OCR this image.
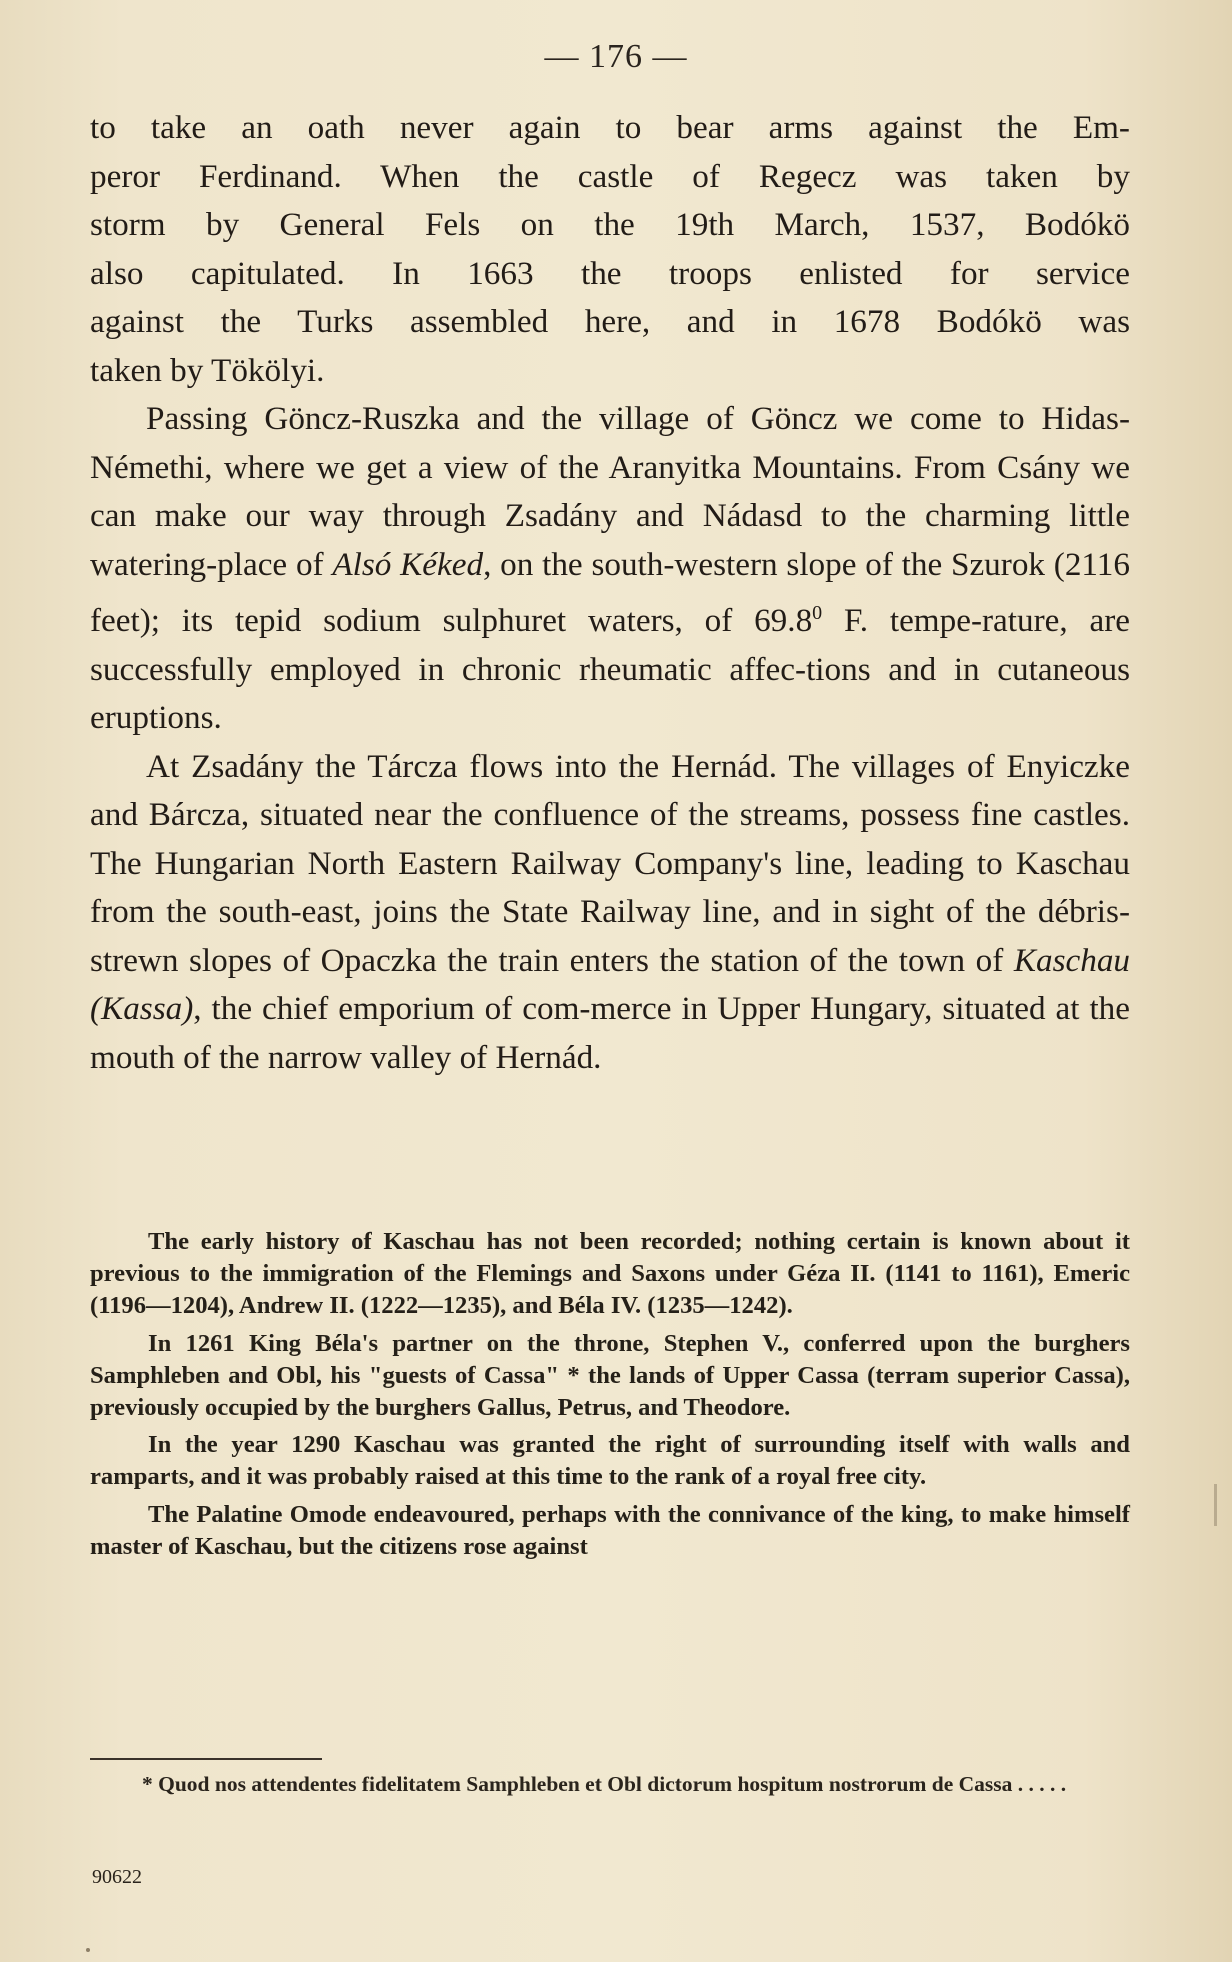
— 176 —

to take an oath never again to bear arms against the Em-

peror Ferdinand. When the castle of Regecz was taken by

storm by General Fels on the 19th March, 1537, Bodókö

also capitulated. In 1663 the troops enlisted for service

against the Turks assembled here, and in 1678 Bodókö was

taken by Tökölyi.

Passing Göncz-Ruszka and the village of Göncz we come to Hidas-Némethi, where we get a view of the Aranyitka Mountains. From Csány we can make our way through Zsadány and Nádasd to the charming little watering-place of Alsó Kéked, on the south-western slope of the Szurok (2116 feet); its tepid sodium sulphuret waters, of 69.8$^0$ F. tempe-rature, are successfully employed in chronic rheumatic affec-tions and in cutaneous eruptions.

At Zsadány the Tárcza flows into the Hernád. The villages of Enyiczke and Bárcza, situated near the confluence of the streams, possess fine castles. The Hungarian North Eastern Railway Company's line, leading to Kaschau from the south-east, joins the State Railway line, and in sight of the débris-strewn slopes of Opaczka the train enters the station of the town of Kaschau (Kassa), the chief emporium of com-merce in Upper Hungary, situated at the mouth of the narrow valley of Hernád.

The early history of Kaschau has not been recorded; nothing certain is known about it previous to the immigration of the Flemings and Saxons under Géza II. (1141 to 1161), Emeric (1196—1204), Andrew II. (1222—1235), and Béla IV. (1235—1242).

In 1261 King Béla's partner on the throne, Stephen V., conferred upon the burghers Samphleben and Obl, his "guests of Cassa" * the lands of Upper Cassa (terram superior Cassa), previously occupied by the burghers Gallus, Petrus, and Theodore.

In the year 1290 Kaschau was granted the right of surrounding itself with walls and ramparts, and it was probably raised at this time to the rank of a royal free city.

The Palatine Omode endeavoured, perhaps with the connivance of the king, to make himself master of Kaschau, but the citizens rose against

* Quod nos attendentes fidelitatem Samphleben et Obl dictorum hospitum nostrorum de Cassa . . . . .

90622
